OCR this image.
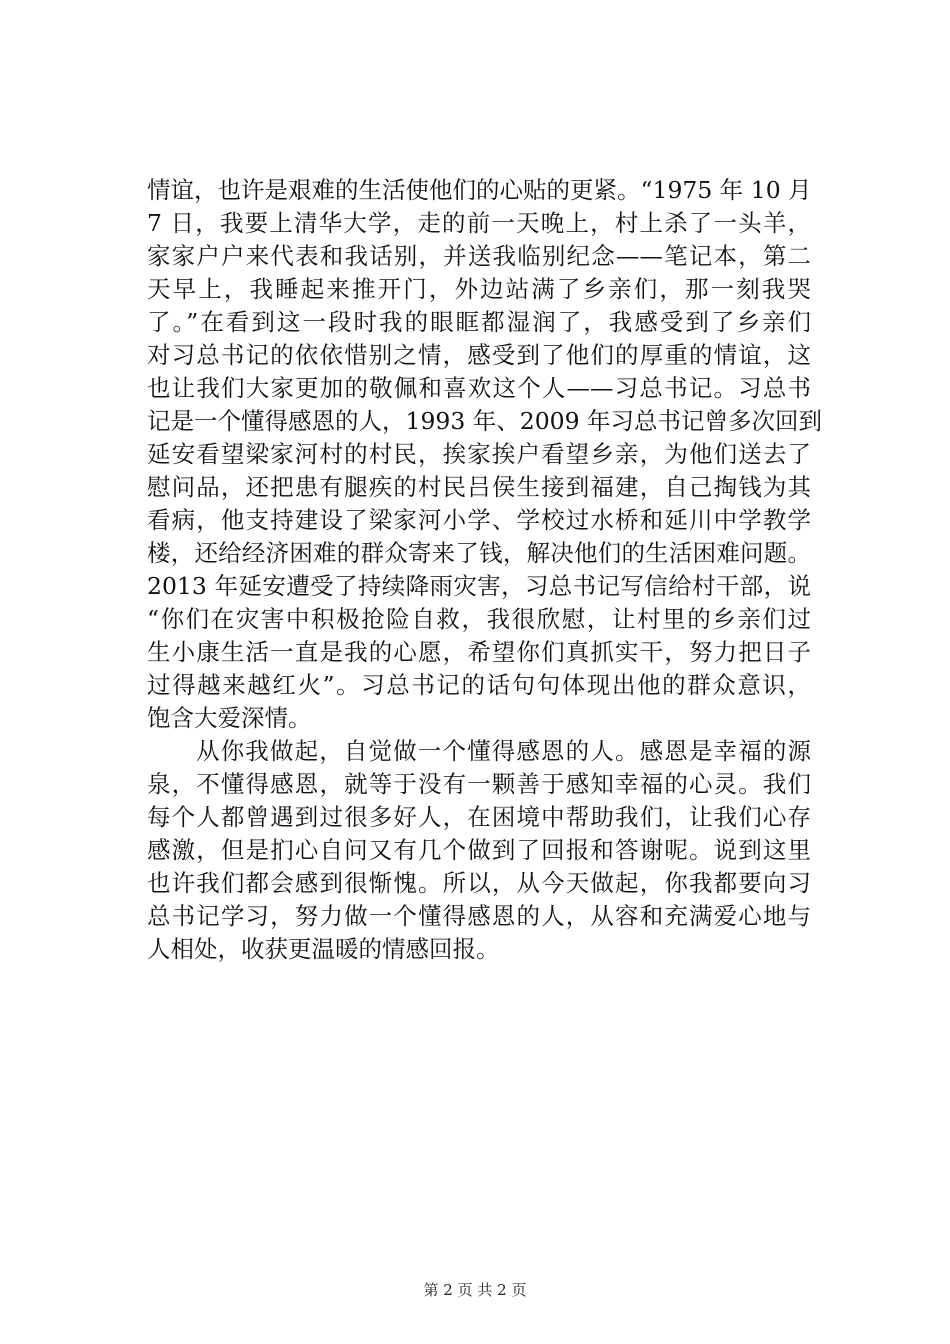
情谊，也许是艰难的生活使他们的心贴的更紧。“1975 年 10 月
7 日，我要上清华大学，走的前一天晚上，村上杀了一头羊，
家家户户来代表和我话别，并送我临别纪念——笔记本，第二
天早上，我睡起来推开门，外边站满了乡亲们，那一刻我哭
了。”在看到这一段时我的眼眶都湿润了，我感受到了乡亲们
对习总书记的依依惜别之情，感受到了他们的厚重的情谊，这
也让我们大家更加的敬佩和喜欢这个人——习总书记。习总书
记是一个懂得感恩的人，1993 年、2009 年习总书记曾多次回到
延安看望梁家河村的村民，挨家挨户看望乡亲，为他们送去了
慰问品，还把患有腿疾的村民吕侯生接到福建，自己掏钱为其
看病，他支持建设了梁家河小学、学校过水桥和延川中学教学
楼，还给经济困难的群众寄来了钱，解决他们的生活困难问题。
2013 年延安遭受了持续降雨灾害，习总书记写信给村干部，说
“你们在灾害中积极抢险自救，我很欣慰，让村里的乡亲们过
生小康生活一直是我的心愿，希望你们真抓实干，努力把日子
过得越来越红火”。习总书记的话句句体现出他的群众意识，
饱含大爱深情。
从你我做起，自觉做一个懂得感恩的人。感恩是幸福的源
泉，不懂得感恩，就等于没有一颗善于感知幸福的心灵。我们
每个人都曾遇到过很多好人，在困境中帮助我们，让我们心存
感激，但是扪心自问又有几个做到了回报和答谢呢。说到这里
也许我们都会感到很惭愧。所以，从今天做起，你我都要向习
总书记学习，努力做一个懂得感恩的人，从容和充满爱心地与
人相处，收获更温暖的情感回报。
第 2 页 共 2 页
